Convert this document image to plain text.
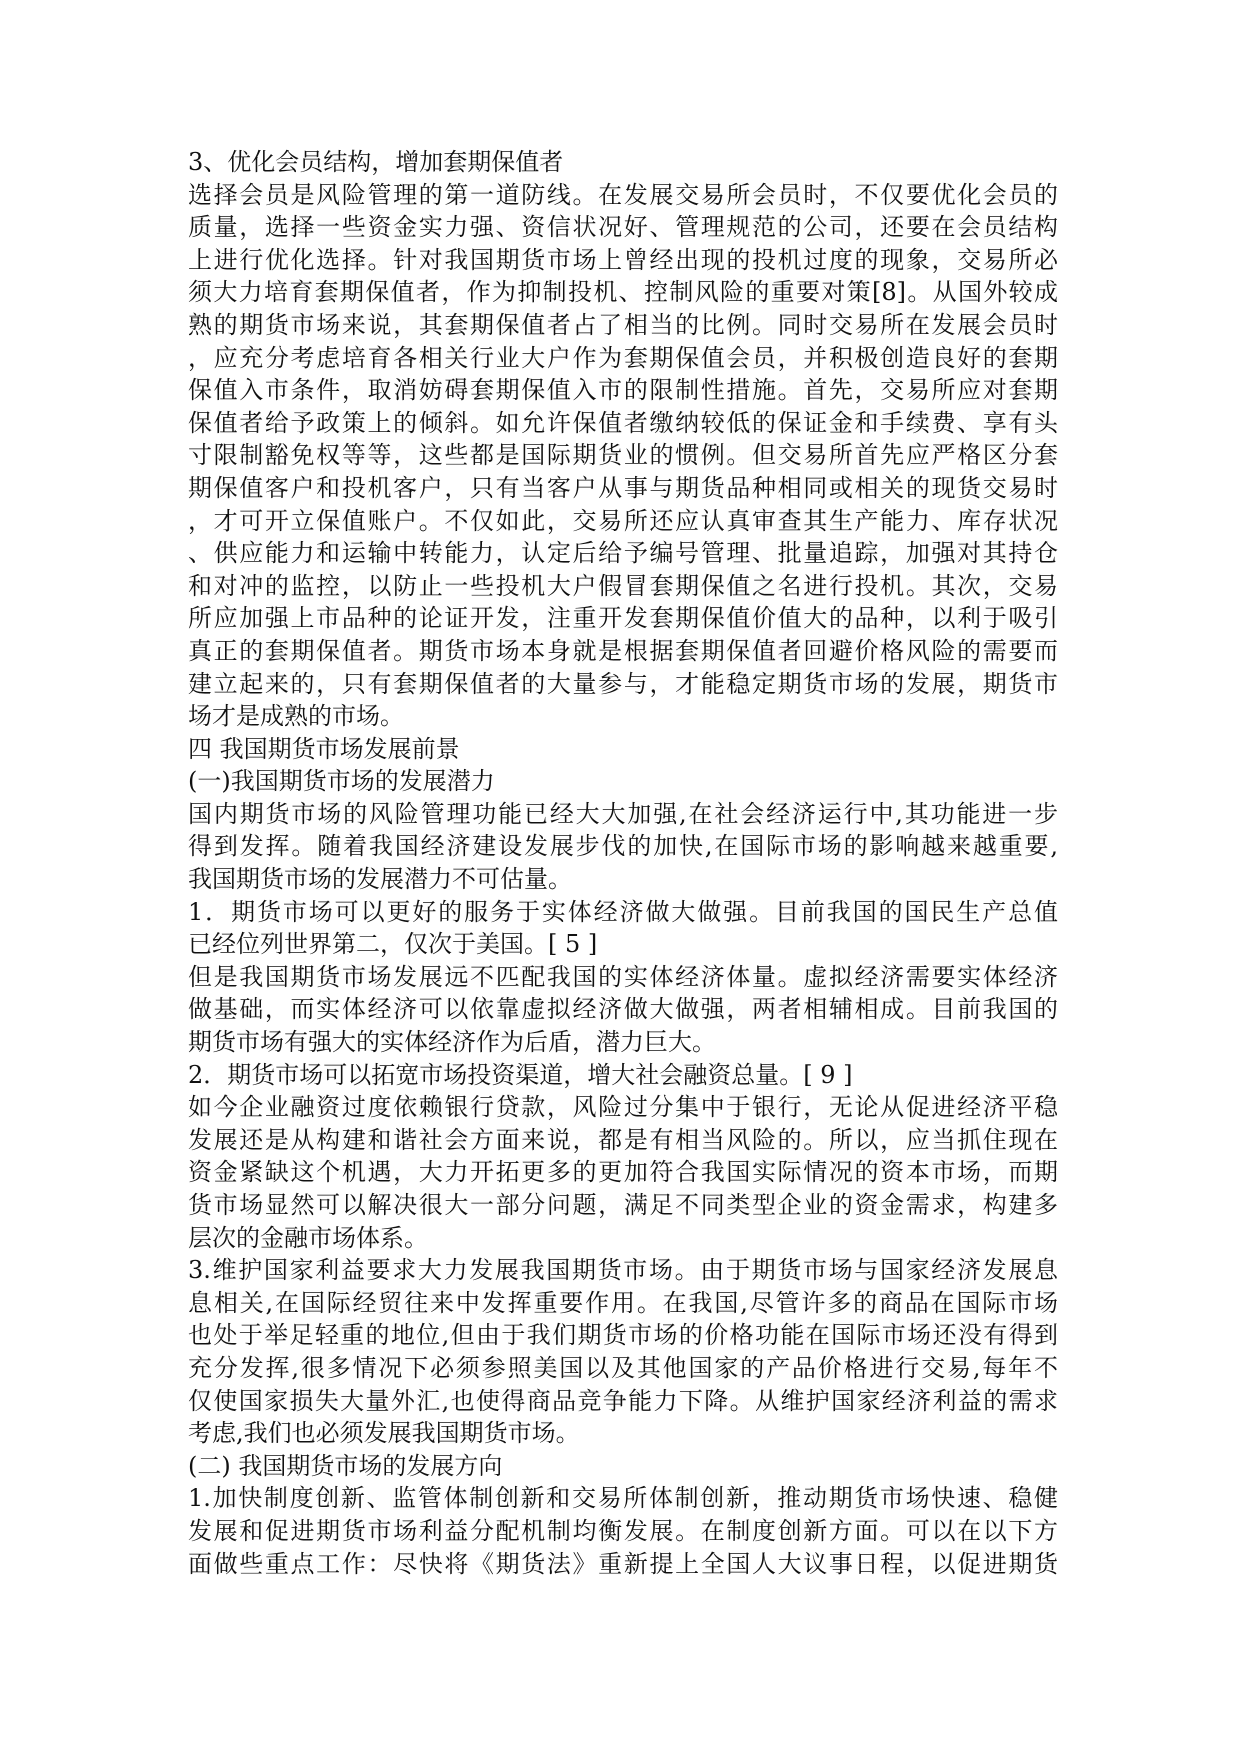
3、优化会员结构，增加套期保值者
选择会员是风险管理的第一道防线。在发展交易所会员时，不仅要优化会员的
质量，选择一些资金实力强、资信状况好、管理规范的公司，还要在会员结构
上进行优化选择。针对我国期货市场上曾经出现的投机过度的现象，交易所必
须大力培育套期保值者，作为抑制投机、控制风险的重要对策[8]。从国外较成
熟的期货市场来说，其套期保值者占了相当的比例。同时交易所在发展会员时
，应充分考虑培育各相关行业大户作为套期保值会员，并积极创造良好的套期
保值入市条件，取消妨碍套期保值入市的限制性措施。首先，交易所应对套期
保值者给予政策上的倾斜。如允许保值者缴纳较低的保证金和手续费、享有头
寸限制豁免权等等，这些都是国际期货业的惯例。但交易所首先应严格区分套
期保值客户和投机客户，只有当客户从事与期货品种相同或相关的现货交易时
，才可开立保值账户。不仅如此，交易所还应认真审查其生产能力、库存状况
、供应能力和运输中转能力，认定后给予编号管理、批量追踪，加强对其持仓
和对冲的监控，以防止一些投机大户假冒套期保值之名进行投机。其次，交易
所应加强上市品种的论证开发，注重开发套期保值价值大的品种，以利于吸引
真正的套期保值者。期货市场本身就是根据套期保值者回避价格风险的需要而
建立起来的，只有套期保值者的大量参与，才能稳定期货市场的发展，期货市
场才是成熟的市场。
四 我国期货市场发展前景
(一)我国期货市场的发展潜力
国内期货市场的风险管理功能已经大大加强,在社会经济运行中,其功能进一步
得到发挥。随着我国经济建设发展步伐的加快,在国际市场的影响越来越重要,
我国期货市场的发展潜力不可估量。
1．期货市场可以更好的服务于实体经济做大做强。目前我国的国民生产总值
已经位列世界第二，仅次于美国。[ 5 ]
但是我国期货市场发展远不匹配我国的实体经济体量。虚拟经济需要实体经济
做基础，而实体经济可以依靠虚拟经济做大做强，两者相辅相成。目前我国的
期货市场有强大的实体经济作为后盾，潜力巨大。
2．期货市场可以拓宽市场投资渠道，增大社会融资总量。[ 9 ]
如今企业融资过度依赖银行贷款，风险过分集中于银行，无论从促进经济平稳
发展还是从构建和谐社会方面来说，都是有相当风险的。所以，应当抓住现在
资金紧缺这个机遇，大力开拓更多的更加符合我国实际情况的资本市场，而期
货市场显然可以解决很大一部分问题，满足不同类型企业的资金需求，构建多
层次的金融市场体系。
3.维护国家利益要求大力发展我国期货市场。由于期货市场与国家经济发展息
息相关,在国际经贸往来中发挥重要作用。在我国,尽管许多的商品在国际市场
也处于举足轻重的地位,但由于我们期货市场的价格功能在国际市场还没有得到
充分发挥,很多情况下必须参照美国以及其他国家的产品价格进行交易,每年不
仅使国家损失大量外汇,也使得商品竞争能力下降。从维护国家经济利益的需求
考虑,我们也必须发展我国期货市场。
(二) 我国期货市场的发展方向
1.加快制度创新、监管体制创新和交易所体制创新，推动期货市场快速、稳健
发展和促进期货市场利益分配机制均衡发展。在制度创新方面。可以在以下方
面做些重点工作：尽快将《期货法》重新提上全国人大议事日程，以促进期货
